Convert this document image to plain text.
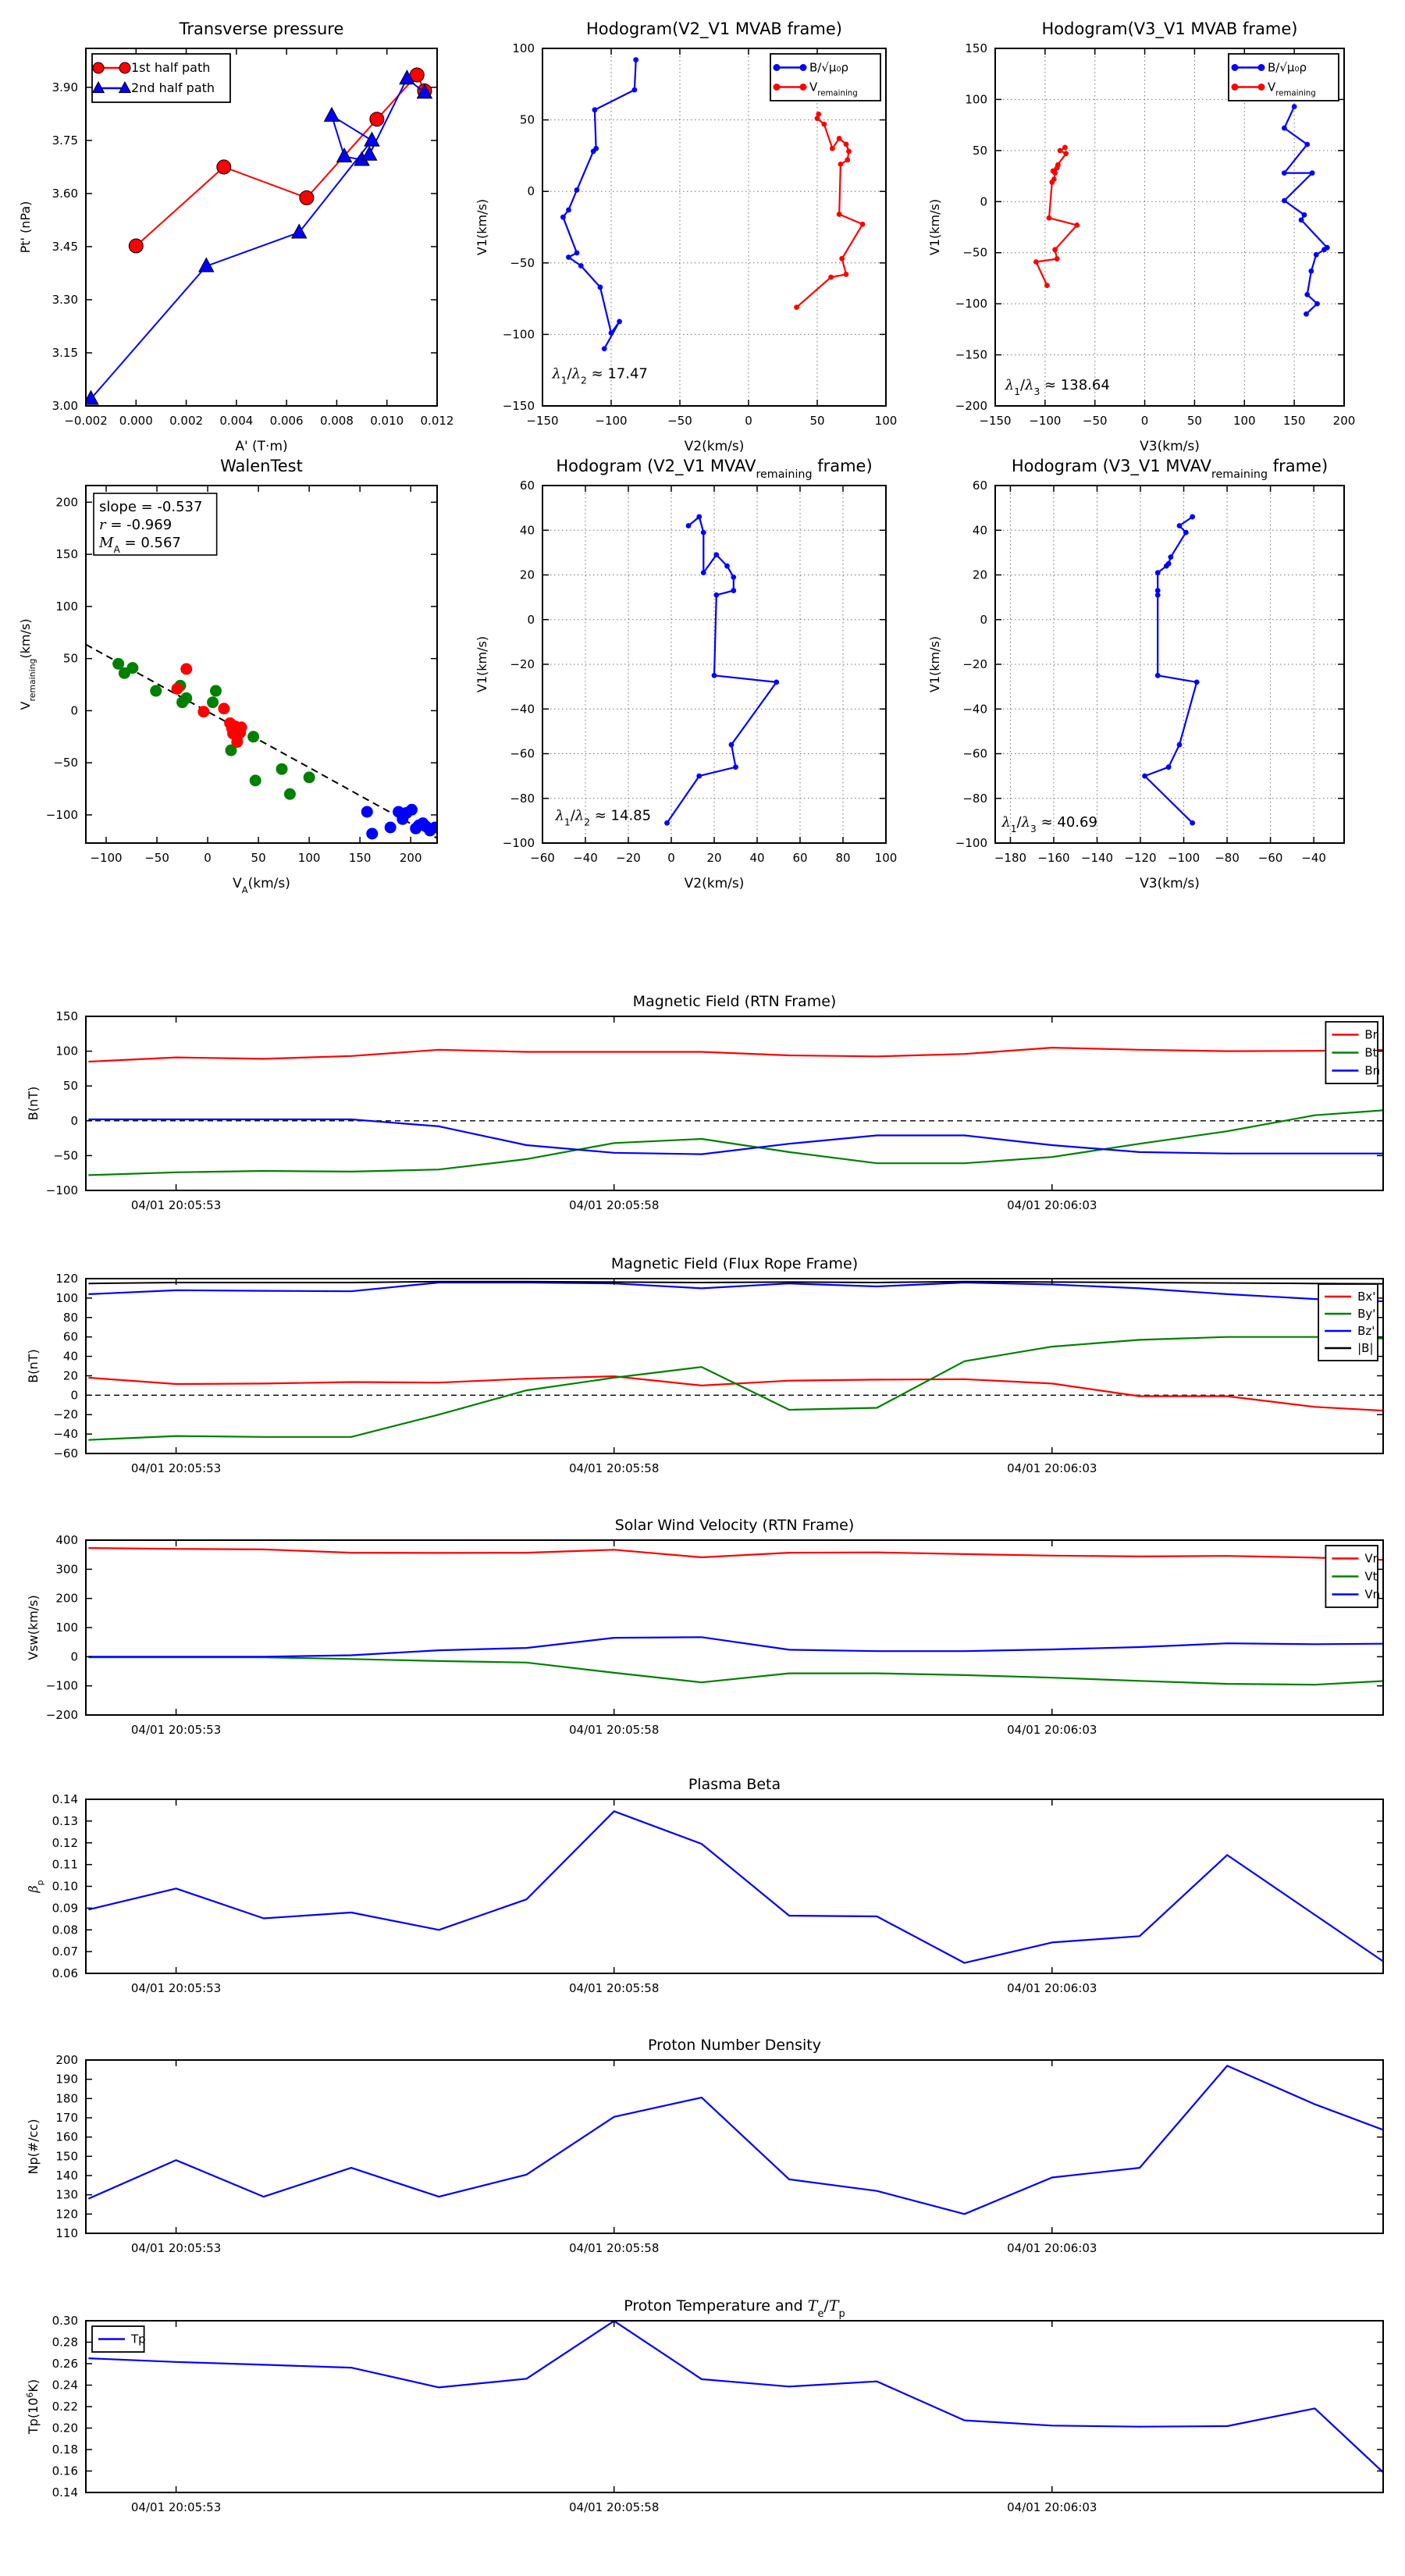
−0.002 0.000 0.002 0.004 0.006 0.008 0.010 0.012
3.00
3.15
3.30
3.45
3.60
3.75
3.90
Transverse pressure
A' (T·m)
Pt' (nPa)
1st half path
2nd half path
−150	−100	−50	0	50	100
−150
−100
−50
0
50
100
Hodogram(V2_V1 MVAB frame)
V2(km/s)
V1(km/s)
B/√μ₀ρ
$V_{remaining}$
$\lambda_1/\lambda_2 \approx 17.47$
−150 −100 −50	0	50	100 150 200
−200
−150
−100
−50
0
50
100
150
Hodogram(V3_V1 MVAB frame)
V3(km/s)
V1(km/s)
B/√μ₀ρ
$V_{remaining}$
$\lambda_1/\lambda_3 \approx 138.64$
−100 −50	0	50	100 150 200
−100
−50
0
50
100
150
200
WalenTest
$V_A(km/s)$
$V_{remaining}(km/s)$
slope = -0.537
r = -0.969
$M_A = 0.567$
−60 −40 −20 0	20 40 60 80 100
−100
−80
−60
−40
−20
0
20
40
60
Hodogram (V2_V1 $MVAV_{remaining}$ frame)
V2(km/s)
V1(km/s)
$\lambda_1/\lambda_2 \approx 14.85$
−180 −160 −140 −120 −100 −80 −60 −40
−100
−80
−60
−40
−20
0
20
40
60
Hodogram (V3_V1 $MVAV_{remaining}$ frame)
V3(km/s)
V1(km/s)
$\lambda_1/\lambda_3 \approx 40.69$
04/01 20:05:53	04/01 20:05:58	04/01 20:06:03
−100
−50
0
50
100
150
Magnetic Field (RTN Frame)
B(nT)
Br
Bt
Bn
04/01 20:05:53	04/01 20:05:58	04/01 20:06:03
−60
−40
−20
0
20
40
60
80
100
120
Magnetic Field (Flux Rope Frame)
B(nT)
Bx'
By'
Bz'
|B|
04/01 20:05:53	04/01 20:05:58	04/01 20:06:03
−200
−100
0
100
200
300
400
Solar Wind Velocity (RTN Frame)
Vsw(km/s)
Vr
Vt
Vn
04/01 20:05:53	04/01 20:05:58	04/01 20:06:03
0.06
0.07
0.08
0.09
0.10
0.11
0.12
0.13
0.14
Plasma Beta
$\beta_p$
04/01 20:05:53	04/01 20:05:58	04/01 20:06:03
110
120
130
140
150
160
170
180
190
200
Proton Number Density
Np(#/cc)
04/01 20:05:53	04/01 20:05:58	04/01 20:06:03
0.14
0.16
0.18
0.20
0.22
0.24
0.26
0.28
0.30
Proton Temperature and $T_e/T_p$
$Tp(10^6K)$
Tp
